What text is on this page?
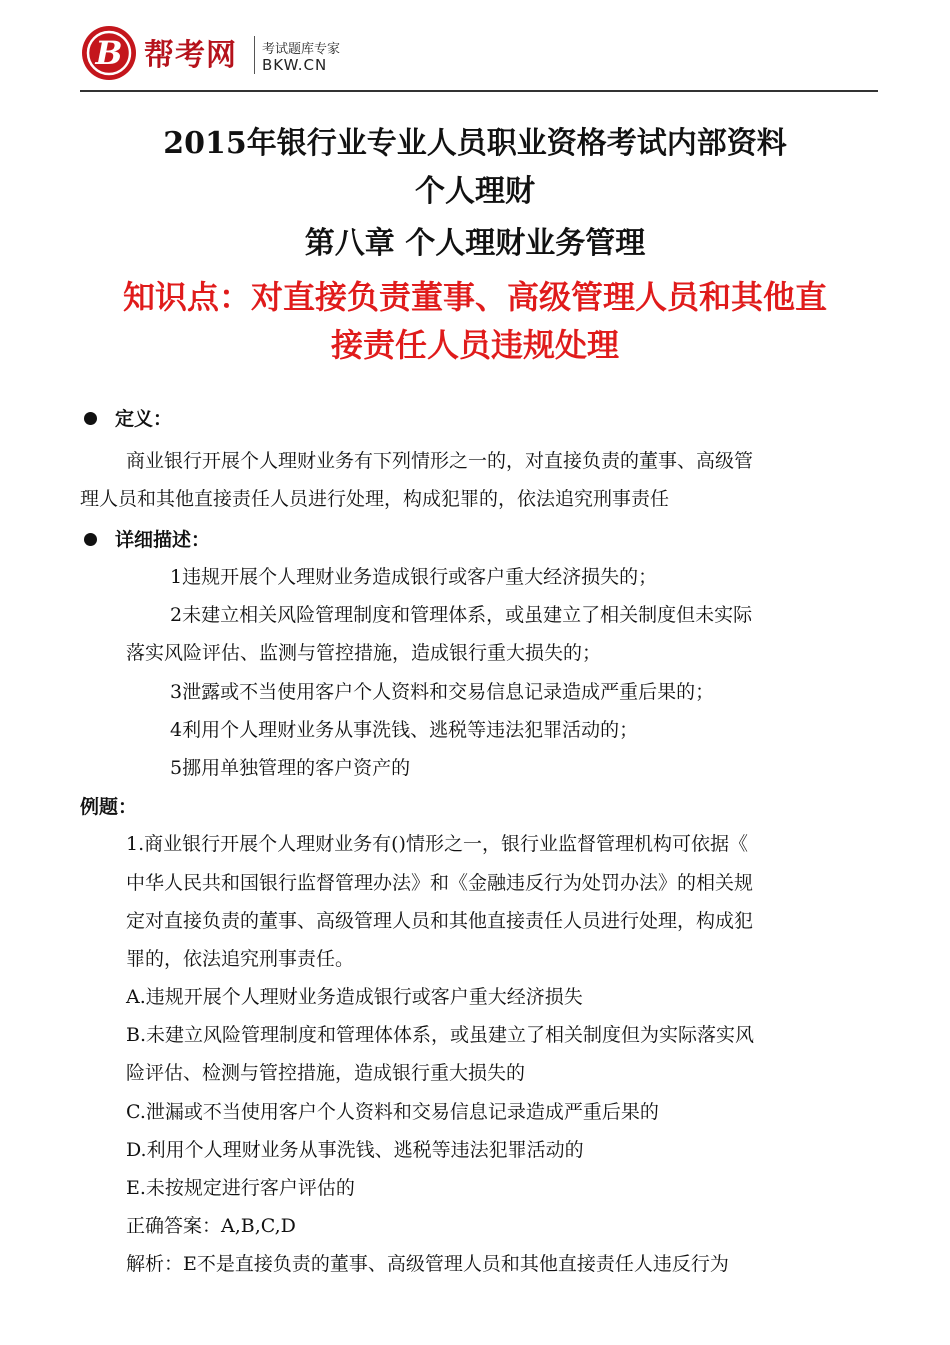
B 帮考网 考试题库专家
BKW.CN
2015年银行业专业人员职业资格考试内部资料
个人理财
第八章 个人理财业务管理
知识点：对直接负责董事、高级管理人员和其他直
接责任人员违规处理
定义：
商业银行开展个人理财业务有下列情形之一的，对直接负责的董事、高级管
理人员和其他直接责任人员进行处理，构成犯罪的，依法追究刑事责任
详细描述：
1违规开展个人理财业务造成银行或客户重大经济损失的；
2未建立相关风险管理制度和管理体系，或虽建立了相关制度但未实际
落实风险评估、监测与管控措施，造成银行重大损失的；
3泄露或不当使用客户个人资料和交易信息记录造成严重后果的；
4利用个人理财业务从事洗钱、逃税等违法犯罪活动的；
5挪用单独管理的客户资产的
例题：
1.商业银行开展个人理财业务有()情形之一，银行业监督管理机构可依据《
中华人民共和国银行监督管理办法》和《金融违反行为处罚办法》的相关规
定对直接负责的董事、高级管理人员和其他直接责任人员进行处理，构成犯
罪的，依法追究刑事责任。
A.违规开展个人理财业务造成银行或客户重大经济损失
B.未建立风险管理制度和管理体体系，或虽建立了相关制度但为实际落实风
险评估、检测与管控措施，造成银行重大损失的
C.泄漏或不当使用客户个人资料和交易信息记录造成严重后果的
D.利用个人理财业务从事洗钱、逃税等违法犯罪活动的
E.未按规定进行客户评估的
正确答案：A,B,C,D
解析：E不是直接负责的董事、高级管理人员和其他直接责任人违反行为
